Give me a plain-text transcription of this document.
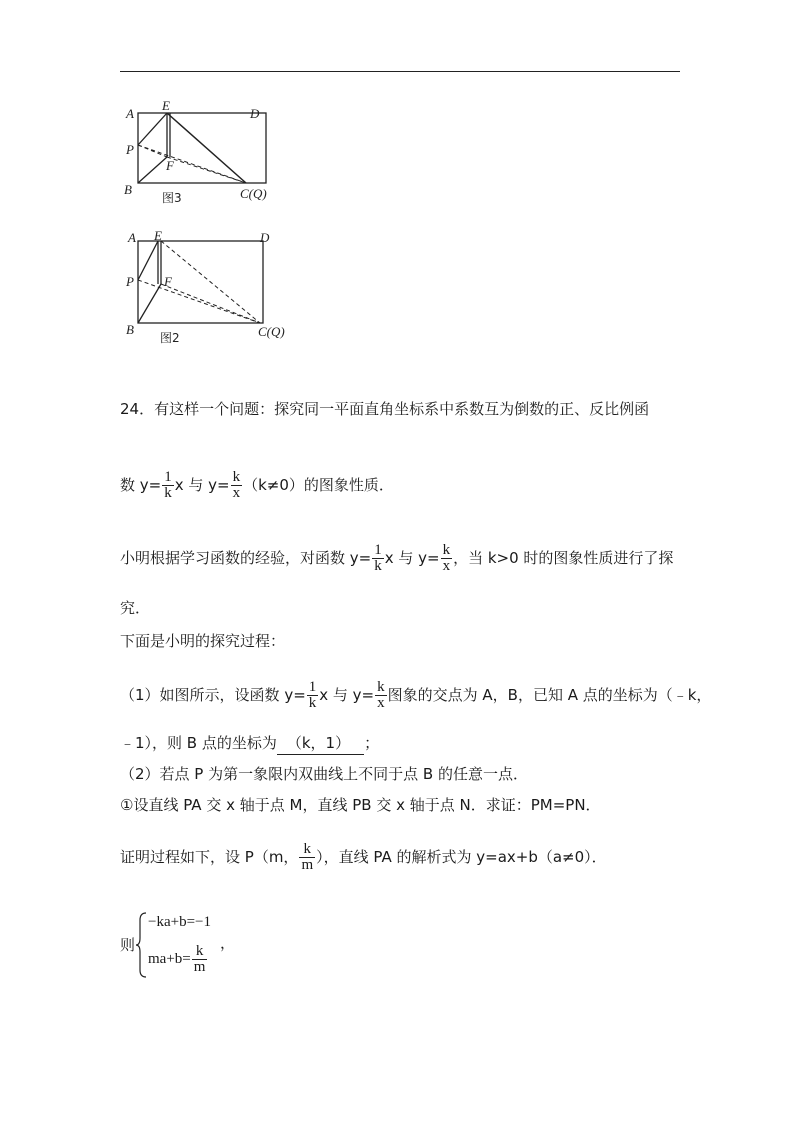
A
E
D
P
F
B	C(Q)
图3
A E	D
P F
B	C(Q)
图2
24．有这样一个问题：探究同一平面直角坐标系中系数互为倒数的正、反比例函
数 $y= \frac{1}{k}$ x 与 $y= \frac{k}{x} (k\ne 0)$的图象性质．
小明根据学习函数的经验，对函数 $y= \frac{1}{k}$ x 与 $y= \frac{k}{x}$ ，当 k>0 时的图象性质进行了探
究．
下面是小明的探究过程：
（1）如图所示，设函数 $y= \frac{1}{k}$ x 与 $y= \frac{k}{x}$ 图象的交点为 A，B，已知 A 点的坐标为（﹣k，
﹣1），则 B 点的坐标为 （k，1） ；
（2）若点 P 为第一象限内双曲线上不同于点 B 的任意一点．
①设直线 PA 交 x 轴于点 M，直线 PB 交 x 轴于点 N．求证：PM=PN．
证明过程如下，设 P（m， $\frac{k}{m}$ ），直线 PA 的解析式为 y=ax+b（a≠0）．
则
−ka+b=−1
$ma+b= \frac{k}{m}$
，
